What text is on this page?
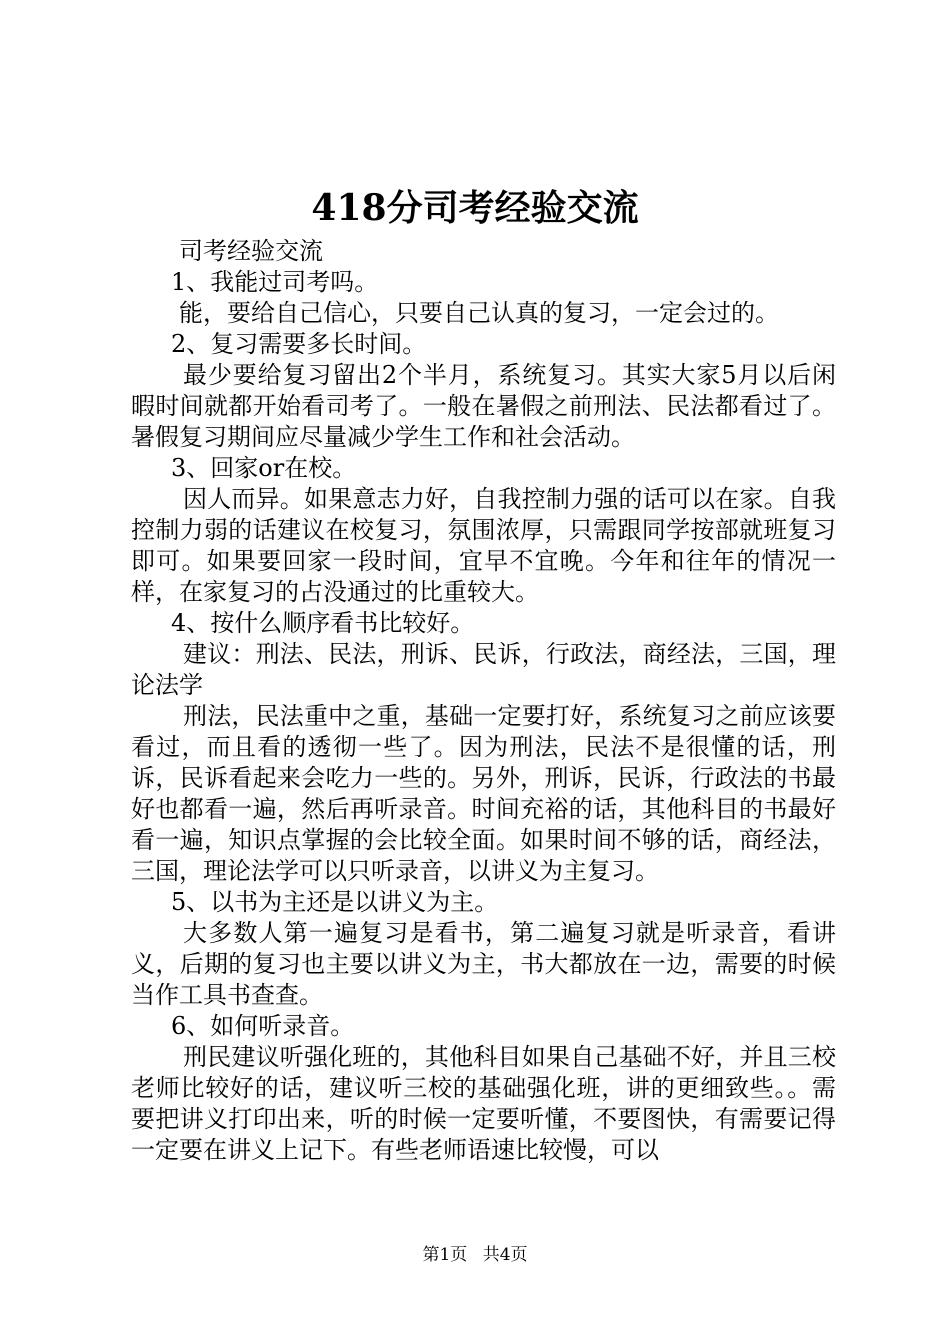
418分司考经验交流

司考经验交流

1、我能过司考吗。

能，要给自己信心，只要自己认真的复习，一定会过的。

2、复习需要多长时间。

最少要给复习留出2个半月，系统复习。其实大家5月以后闲暇时间就都开始看司考了。一般在暑假之前刑法、民法都看过了。暑假复习期间应尽量减少学生工作和社会活动。

3、回家or在校。

因人而异。如果意志力好，自我控制力强的话可以在家。自我控制力弱的话建议在校复习，氛围浓厚，只需跟同学按部就班复习即可。如果要回家一段时间，宜早不宜晚。今年和往年的情况一样，在家复习的占没通过的比重较大。

4、按什么顺序看书比较好。

建议：刑法、民法，刑诉、民诉，行政法，商经法，三国，理论法学

刑法，民法重中之重，基础一定要打好，系统复习之前应该要看过，而且看的透彻一些了。因为刑法，民法不是很懂的话，刑诉，民诉看起来会吃力一些的。另外，刑诉，民诉，行政法的书最好也都看一遍，然后再听录音。时间充裕的话，其他科目的书最好看一遍，知识点掌握的会比较全面。如果时间不够的话，商经法，三国，理论法学可以只听录音，以讲义为主复习。

5、以书为主还是以讲义为主。

大多数人第一遍复习是看书，第二遍复习就是听录音，看讲义，后期的复习也主要以讲义为主，书大都放在一边，需要的时候当作工具书查查。

6、如何听录音。

刑民建议听强化班的，其他科目如果自己基础不好，并且三校老师比较好的话，建议听三校的基础强化班，讲的更细致些。。需要把讲义打印出来，听的时候一定要听懂，不要图快，有需要记得一定要在讲义上记下。有些老师语速比较慢，可以

第1页 共4页
